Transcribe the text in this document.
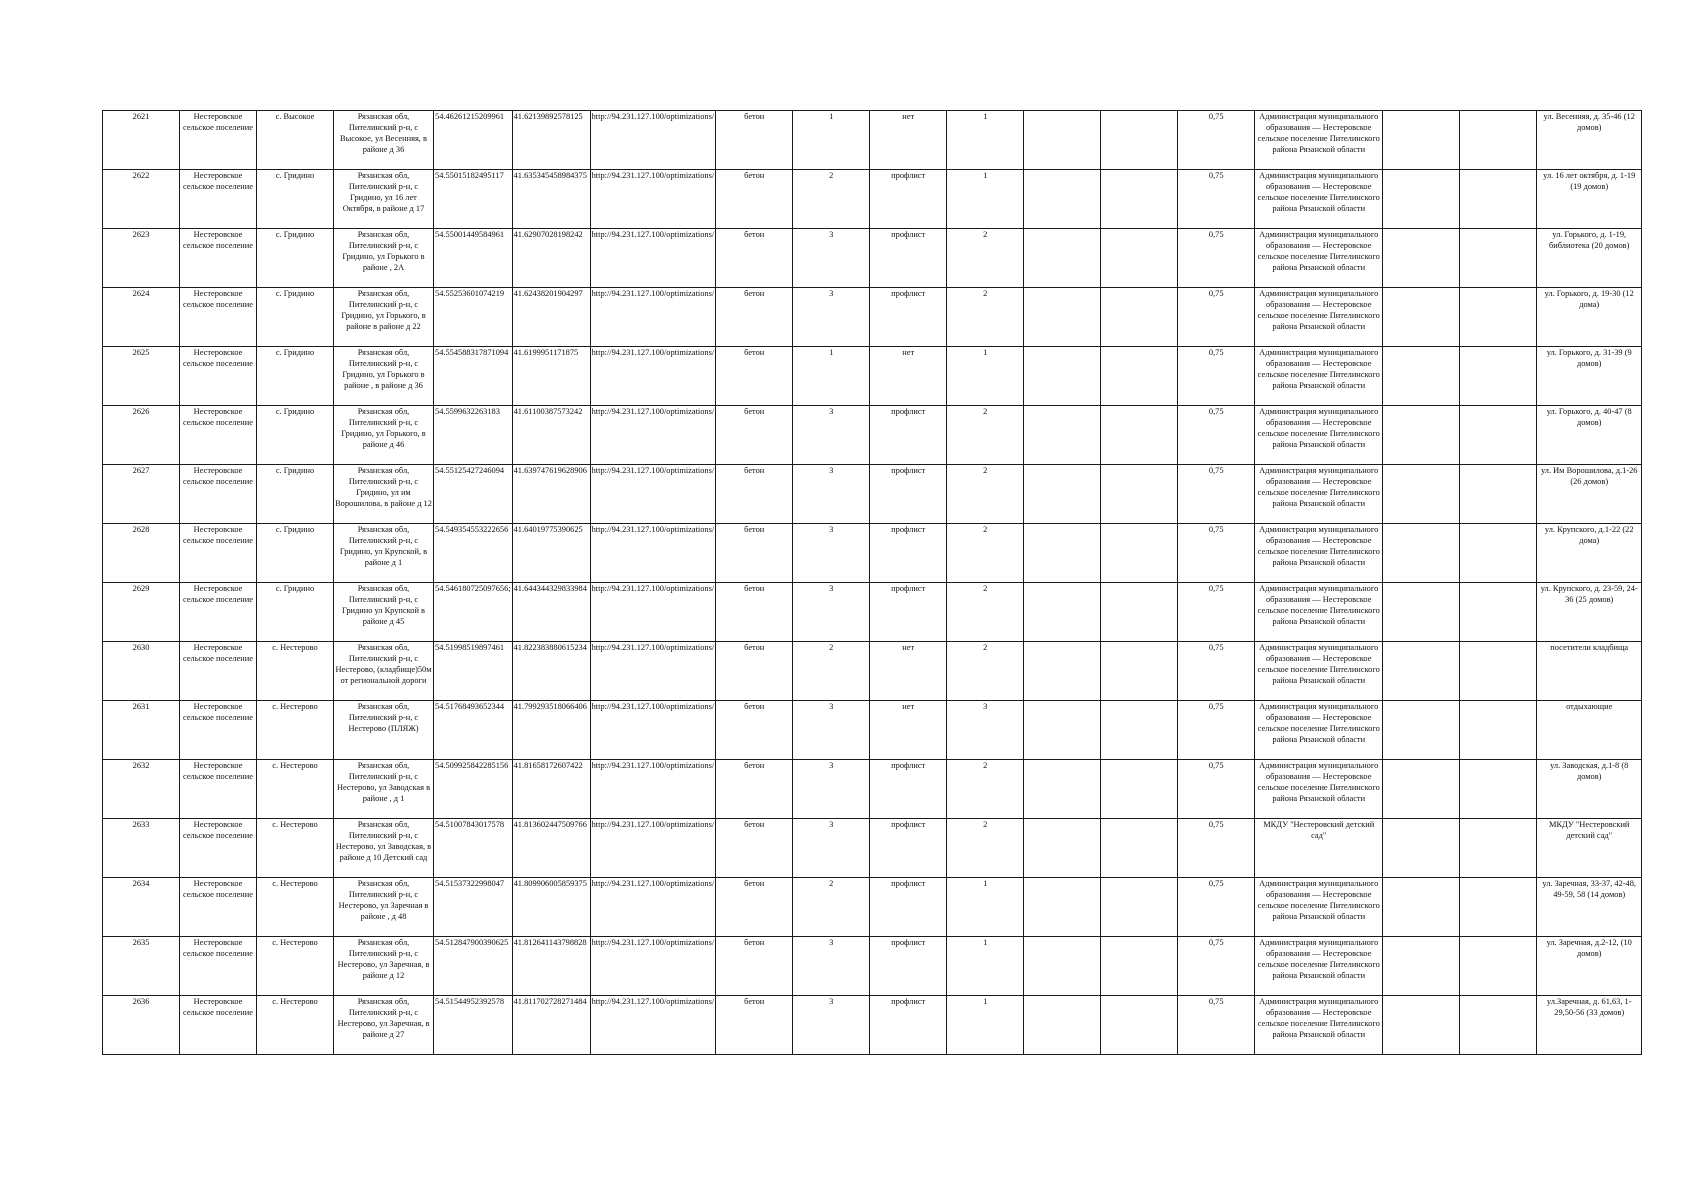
2621	Нестеровское сельское поселение	с. Высокое	Рязанская обл, Пителинский р-н, с Высокое, ул Весенняя, в районе д 36	54.46261215209961	41.62139892578125	http://94.231.127.100/optimizations/	бетон	1	нет	1			0,75	Администрация муниципального образования — Нестеровское сельское поселение Пителинского района Рязанской области			ул. Весенняя, д. 35-46 (12 домов)
2622	Нестеровское сельское поселение	с. Гридино	Рязанская обл, Пителинский р-н, с Гридино, ул 16 лет Октября, в районе д 17	54.55015182495117	41.635345458984375	http://94.231.127.100/optimizations/	бетон	2	профлист	1			0,75	Администрация муниципального образования — Нестеровское сельское поселение Пителинского района Рязанской области			ул. 16 лет октября, д. 1-19 (19 домов)
2623	Нестеровское сельское поселение	с. Гридино	Рязанская обл, Пителинский р-н, с Гридино, ул Горького в районе , 2А	54.55001449584961	41.62907028198242	http://94.231.127.100/optimizations/	бетон	3	профлист	2			0,75	Администрация муниципального образования — Нестеровское сельское поселение Пителинского района Рязанской области			ул. Горького, д. 1-19, библиотека (20 домов)
2624	Нестеровское сельское поселение	с. Гридино	Рязанская обл, Пителинский р-н, с Гридино, ул Горького, в районе в районе д 22	54.55253601074219	41.62438201904297	http://94.231.127.100/optimizations/	бетон	3	профлист	2			0,75	Администрация муниципального образования — Нестеровское сельское поселение Пителинского района Рязанской области			ул. Горького, д. 19-30 (12 дома)
2625	Нестеровское сельское поселение	с. Гридино	Рязанская обл, Пителинский р-н, с Гридино, ул Горького в районе , в районе д 36	54.554588317871094	41.6199951171875	http://94.231.127.100/optimizations/	бетон	1	нет	1			0,75	Администрация муниципального образования — Нестеровское сельское поселение Пителинского района Рязанской области			ул. Горького, д. 31-39 (9 домов)
2626	Нестеровское сельское поселение	с. Гридино	Рязанская обл, Пителинский р-н, с Гридино, ул Горького, в районе д 46	54.5599632263183	41.61100387573242	http://94.231.127.100/optimizations/	бетон	3	профлист	2			0,75	Администрация муниципального образования — Нестеровское сельское поселение Пителинского района Рязанской области			ул. Горького, д. 40-47 (8 домов)
2627	Нестеровское сельское поселение	с. Гридино	Рязанская обл, Пителинский р-н, с Гридино, ул им Ворошилова, в районе д 12	54.55125427246094	41.639747619628906	http://94.231.127.100/optimizations/	бетон	3	профлист	2			0,75	Администрация муниципального образования — Нестеровское сельское поселение Пителинского района Рязанской области			ул. Им Ворошилова, д.1-26 (26 домов)
2628	Нестеровское сельское поселение	с. Гридино	Рязанская обл, Пителинский р-н, с Гридино, ул Крупской, в районе д 1	54.549354553222656	41.64019775390625	http://94.231.127.100/optimizations/	бетон	3	профлист	2			0,75	Администрация муниципального образования — Нестеровское сельское поселение Пителинского района Рязанской области			ул. Крупского, д.1-22 (22 дома)
2629	Нестеровское сельское поселение	с. Гридино	Рязанская обл, Пителинский р-н, с Гридино ул Крупской в районе д 45	54.546180725097656;	41.644344329833984	http://94.231.127.100/optimizations/	бетон	3	профлист	2			0,75	Администрация муниципального образования — Нестеровское сельское поселение Пителинского района Рязанской области			ул. Крупского, д. 23-59, 24-36 (25 домов)
2630	Нестеровское сельское поселение	с. Нестерово	Рязанская обл, Пителинский р-н, с Нестерово, (кладбище)50м от региональной дороги	54.51998519897461	41.822383880615234	http://94.231.127.100/optimizations/	бетон	2	нет	2			0,75	Администрация муниципального образования — Нестеровское сельское поселение Пителинского района Рязанской области			посетители кладбища
2631	Нестеровское сельское поселение	с. Нестерово	Рязанская обл, Пителинский р-н, с Нестерово (ПЛЯЖ)	54.51768493652344	41.799293518066406	http://94.231.127.100/optimizations/	бетон	3	нет	3			0,75	Администрация муниципального образования — Нестеровское сельское поселение Пителинского района Рязанской области			отдыхающие
2632	Нестеровское сельское поселение	с. Нестерово	Рязанская обл, Пителинский р-н, с Нестерово, ул Заводская в районе , д 1	54.509925842285156	41.81658172607422	http://94.231.127.100/optimizations/	бетон	3	профлист	2			0,75	Администрация муниципального образования — Нестеровское сельское поселение Пителинского района Рязанской области			ул. Заводская, д.1-8 (8 домов)
2633	Нестеровское сельское поселение	с. Нестерово	Рязанская обл, Пителинский р-н, с Нестерово, ул Заводская, в районе д 10 Детский сад	54.51007843017578	41.813602447509766	http://94.231.127.100/optimizations/	бетон	3	профлист	2			0,75	МКДУ "Нестеровский детский сад"			МКДУ "Нестеровский детский сад"
2634	Нестеровское сельское поселение	с. Нестерово	Рязанская обл, Пителинский р-н, с Нестерово, ул Заречная в районе , д 48	54.51537322998047	41.809906005859375	http://94.231.127.100/optimizations/	бетон	2	профлист	1			0,75	Администрация муниципального образования — Нестеровское сельское поселение Пителинского района Рязанской области			ул. Заречная, 33-37, 42-48, 49-59, 58 (14 домов)
2635	Нестеровское сельское поселение	с. Нестерово	Рязанская обл, Пителинский р-н, с Нестерово, ул Заречная, в районе д 12	54.512847900390625	41.812641143798828	http://94.231.127.100/optimizations/	бетон	3	профлист	1			0,75	Администрация муниципального образования — Нестеровское сельское поселение Пителинского района Рязанской области			ул. Заречная, д.2-12, (10 домов)
2636	Нестеровское сельское поселение	с. Нестерово	Рязанская обл, Пителинский р-н, с Нестерово, ул Заречная, в районе д 27	54.51544952392578	41.811702728271484	http://94.231.127.100/optimizations/	бетон	3	профлист	1			0,75	Администрация муниципального образования — Нестеровское сельское поселение Пителинского района Рязанской области			ул.Заречная, д. 61,63, 1-29,50-56 (33 домов)
